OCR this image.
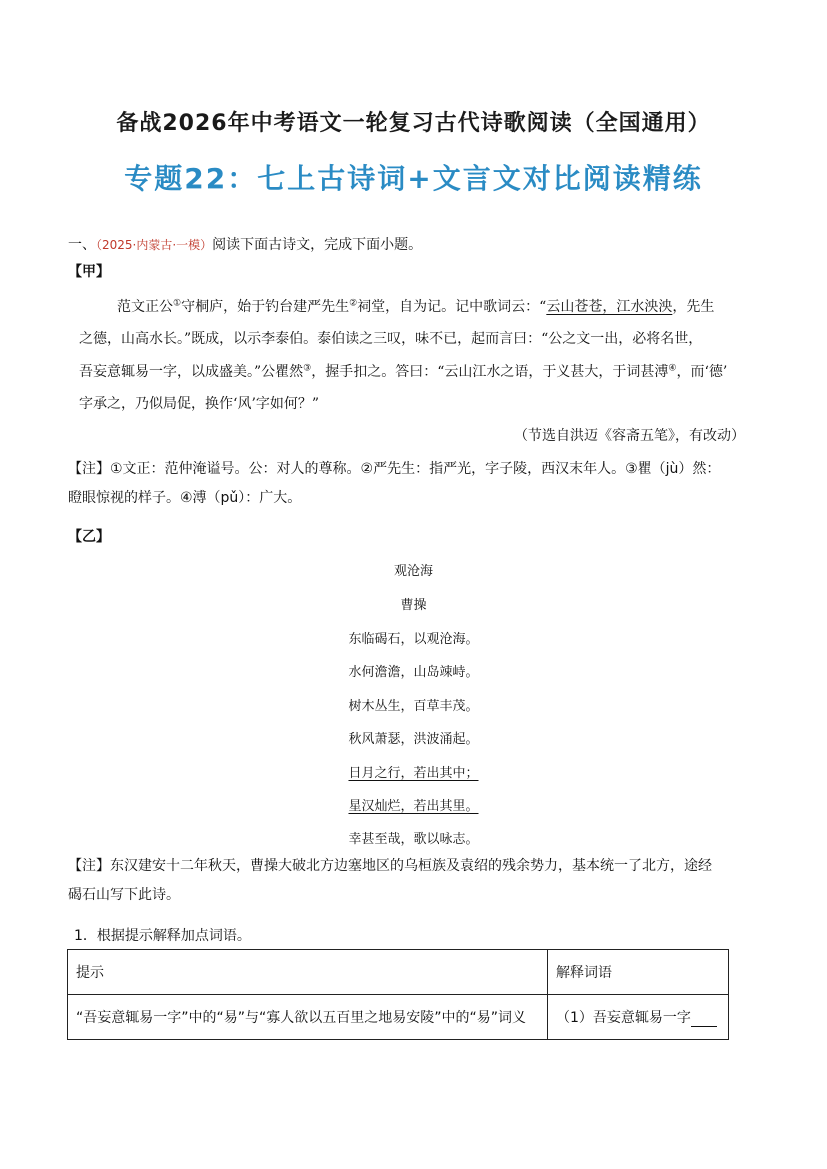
备战2026年中考语文一轮复习古代诗歌阅读（全国通用）
专题22：七上古诗词+文言文对比阅读精练
一、（2025·内蒙古·一模）阅读下面古诗文，完成下面小题。
【甲】
范文正公①守桐庐，始于钓台建严先生②祠堂，自为记。记中歌词云：“云山苍苍，江水泱泱，先生
之德，山高水长。”既成，以示李泰伯。泰伯读之三叹，味不已，起而言曰：“公之文一出，必将名世，
吾妄意辄易一字，以成盛美。”公瞿然③，握手扣之。答曰：“云山江水之语，于义甚大，于词甚溥④，而‘德’
字承之，乃似局促，换作‘风’字如何？”
（节选自洪迈《容斋五笔》，有改动）
【注】①文正：范仲淹谥号。公：对人的尊称。②严先生：指严光，字子陵，西汉末年人。③瞿（jù）然：
瞪眼惊视的样子。④溥（pǔ）：广大。
【乙】
观沧海
曹操
东临碣石，以观沧海。
水何澹澹，山岛竦峙。
树木丛生，百草丰茂。
秋风萧瑟，洪波涌起。
日月之行，若出其中；
星汉灿烂，若出其里。
幸甚至哉，歌以咏志。
【注】东汉建安十二年秋天，曹操大破北方边塞地区的乌桓族及袁绍的残余势力，基本统一了北方，途经
碣石山写下此诗。
1．根据提示解释加点词语。
提示	解释词语
“吾妄意辄易一字”中的“易”与“寡人欲以五百里之地易安陵”中的“易”词义	（1）吾妄意辄易一字
